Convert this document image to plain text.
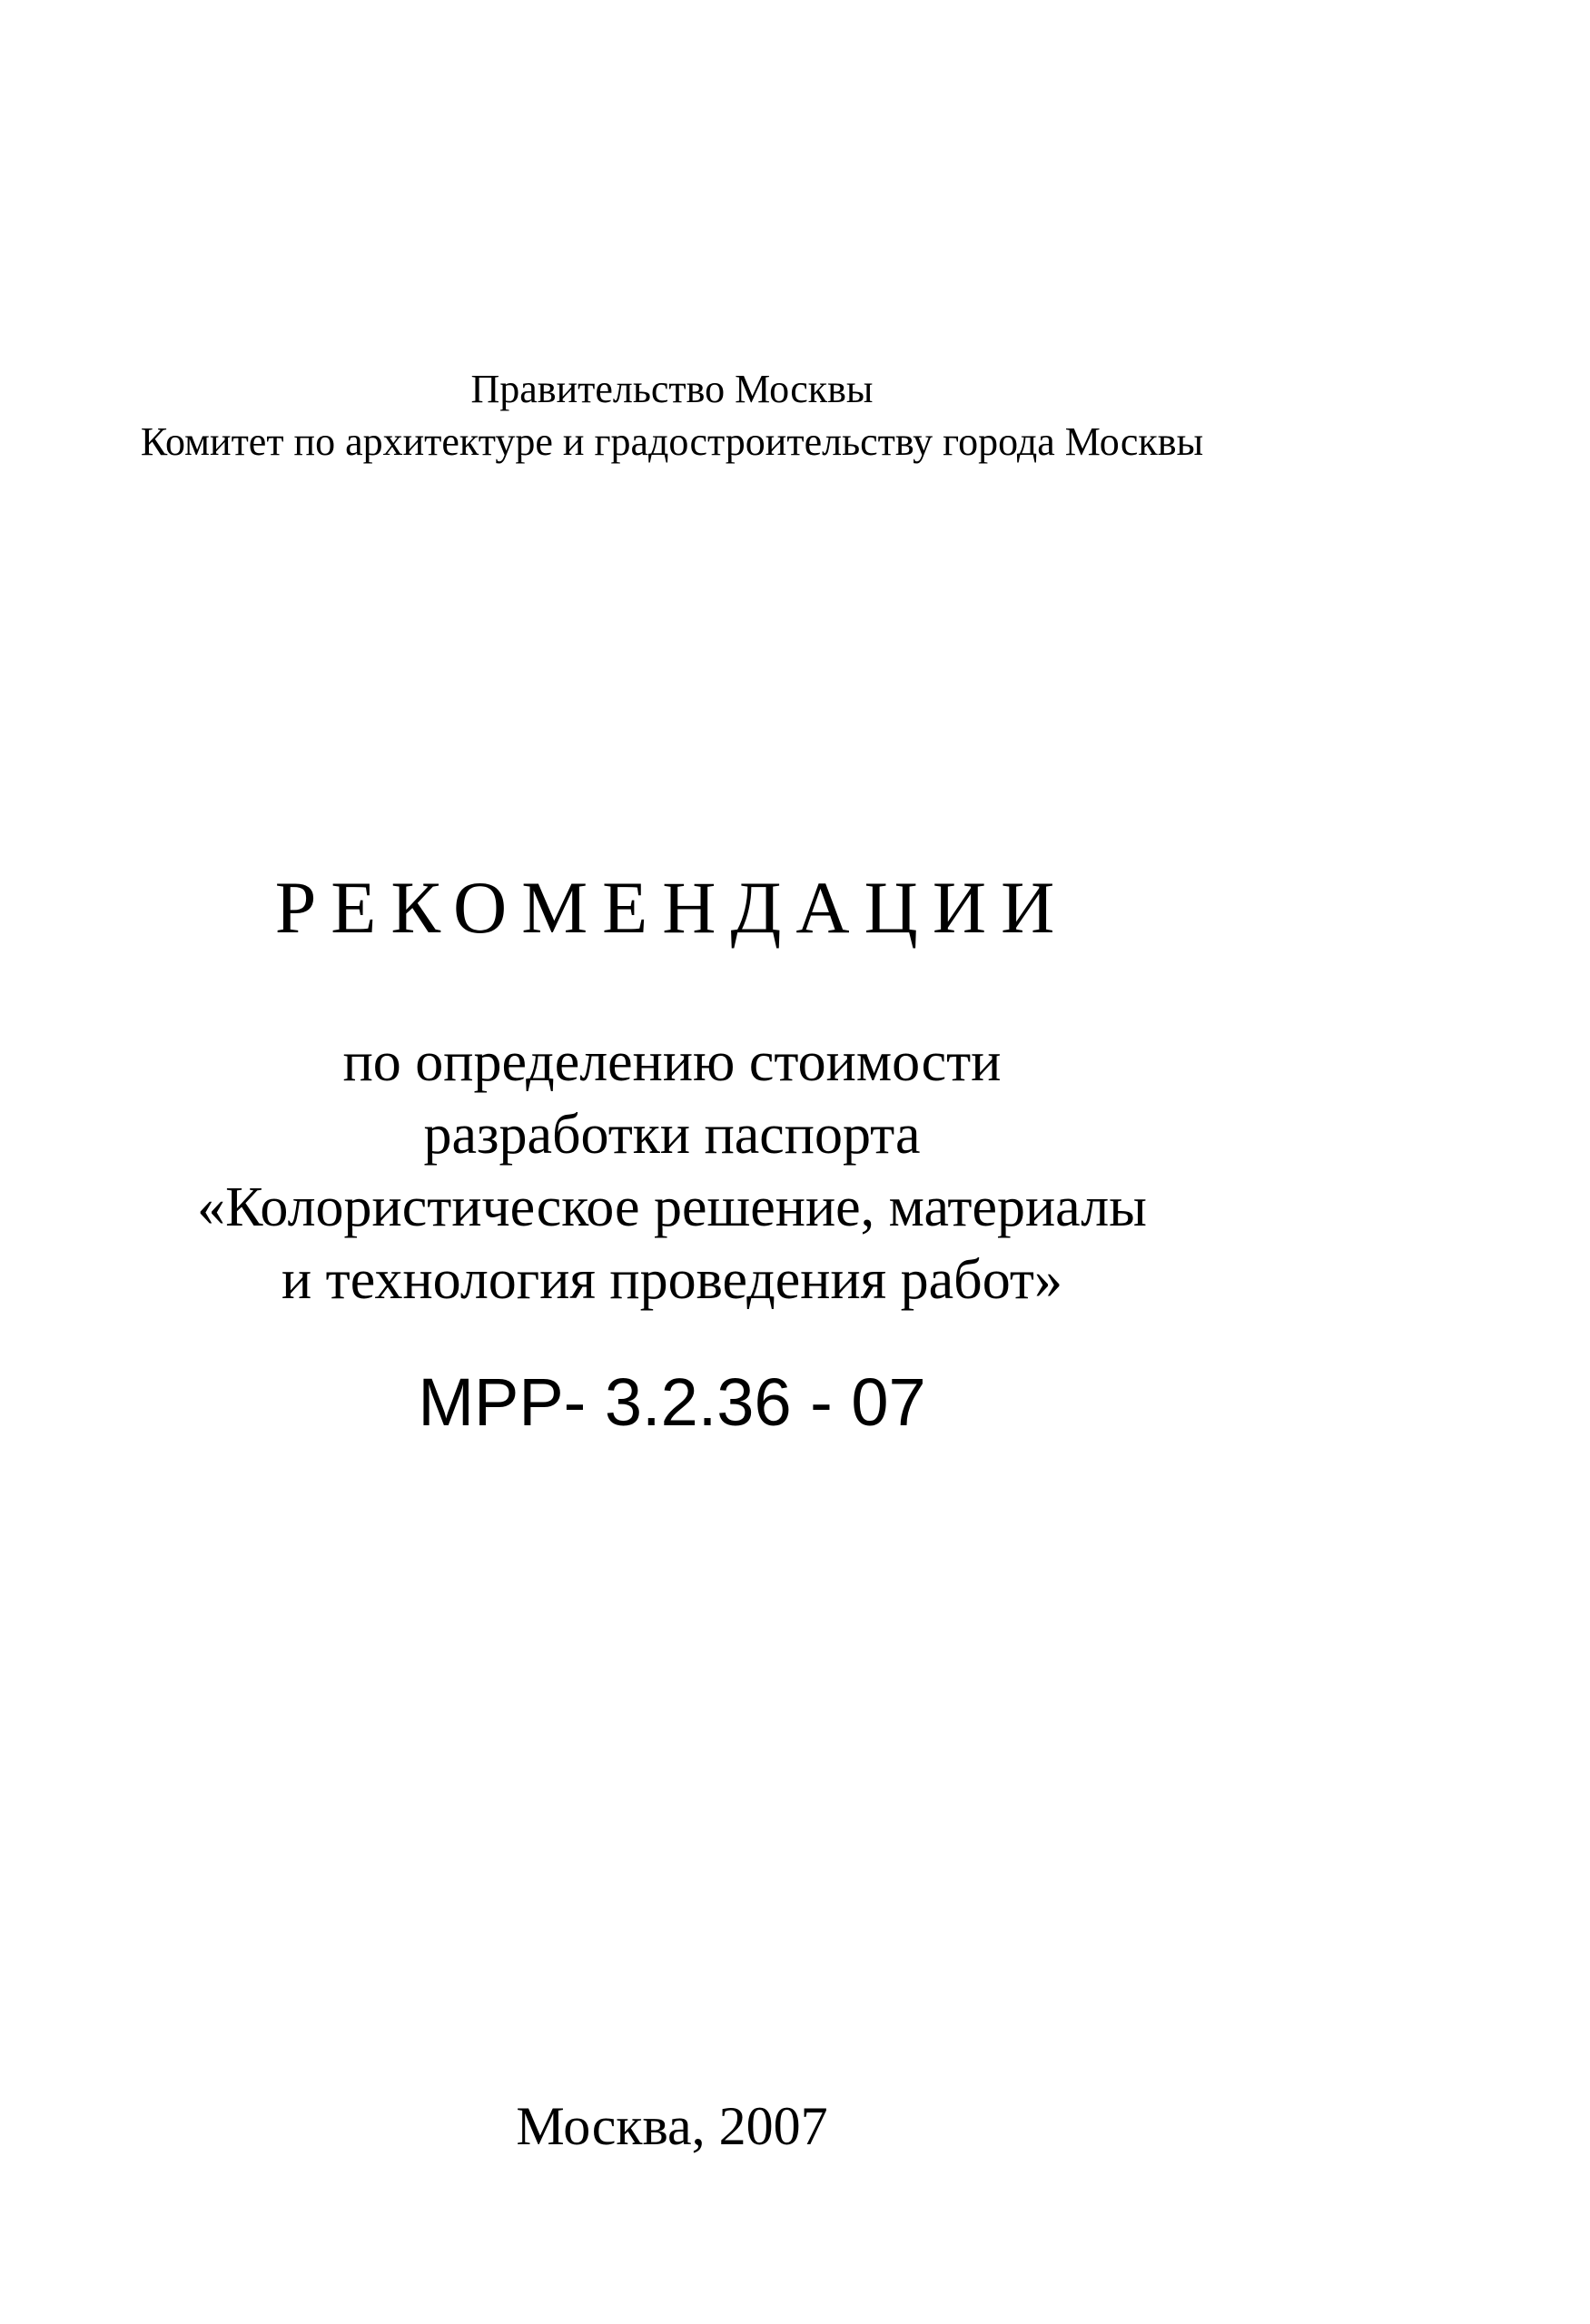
Правительство Москвы
Комитет по архитектуре и градостроительству города Москвы
РЕКОМЕНДАЦИИ
по определению стоимости
разработки паспорта
«Колористическое решение, материалы
и технология проведения работ»
МРР- 3.2.36 - 07
Москва, 2007
